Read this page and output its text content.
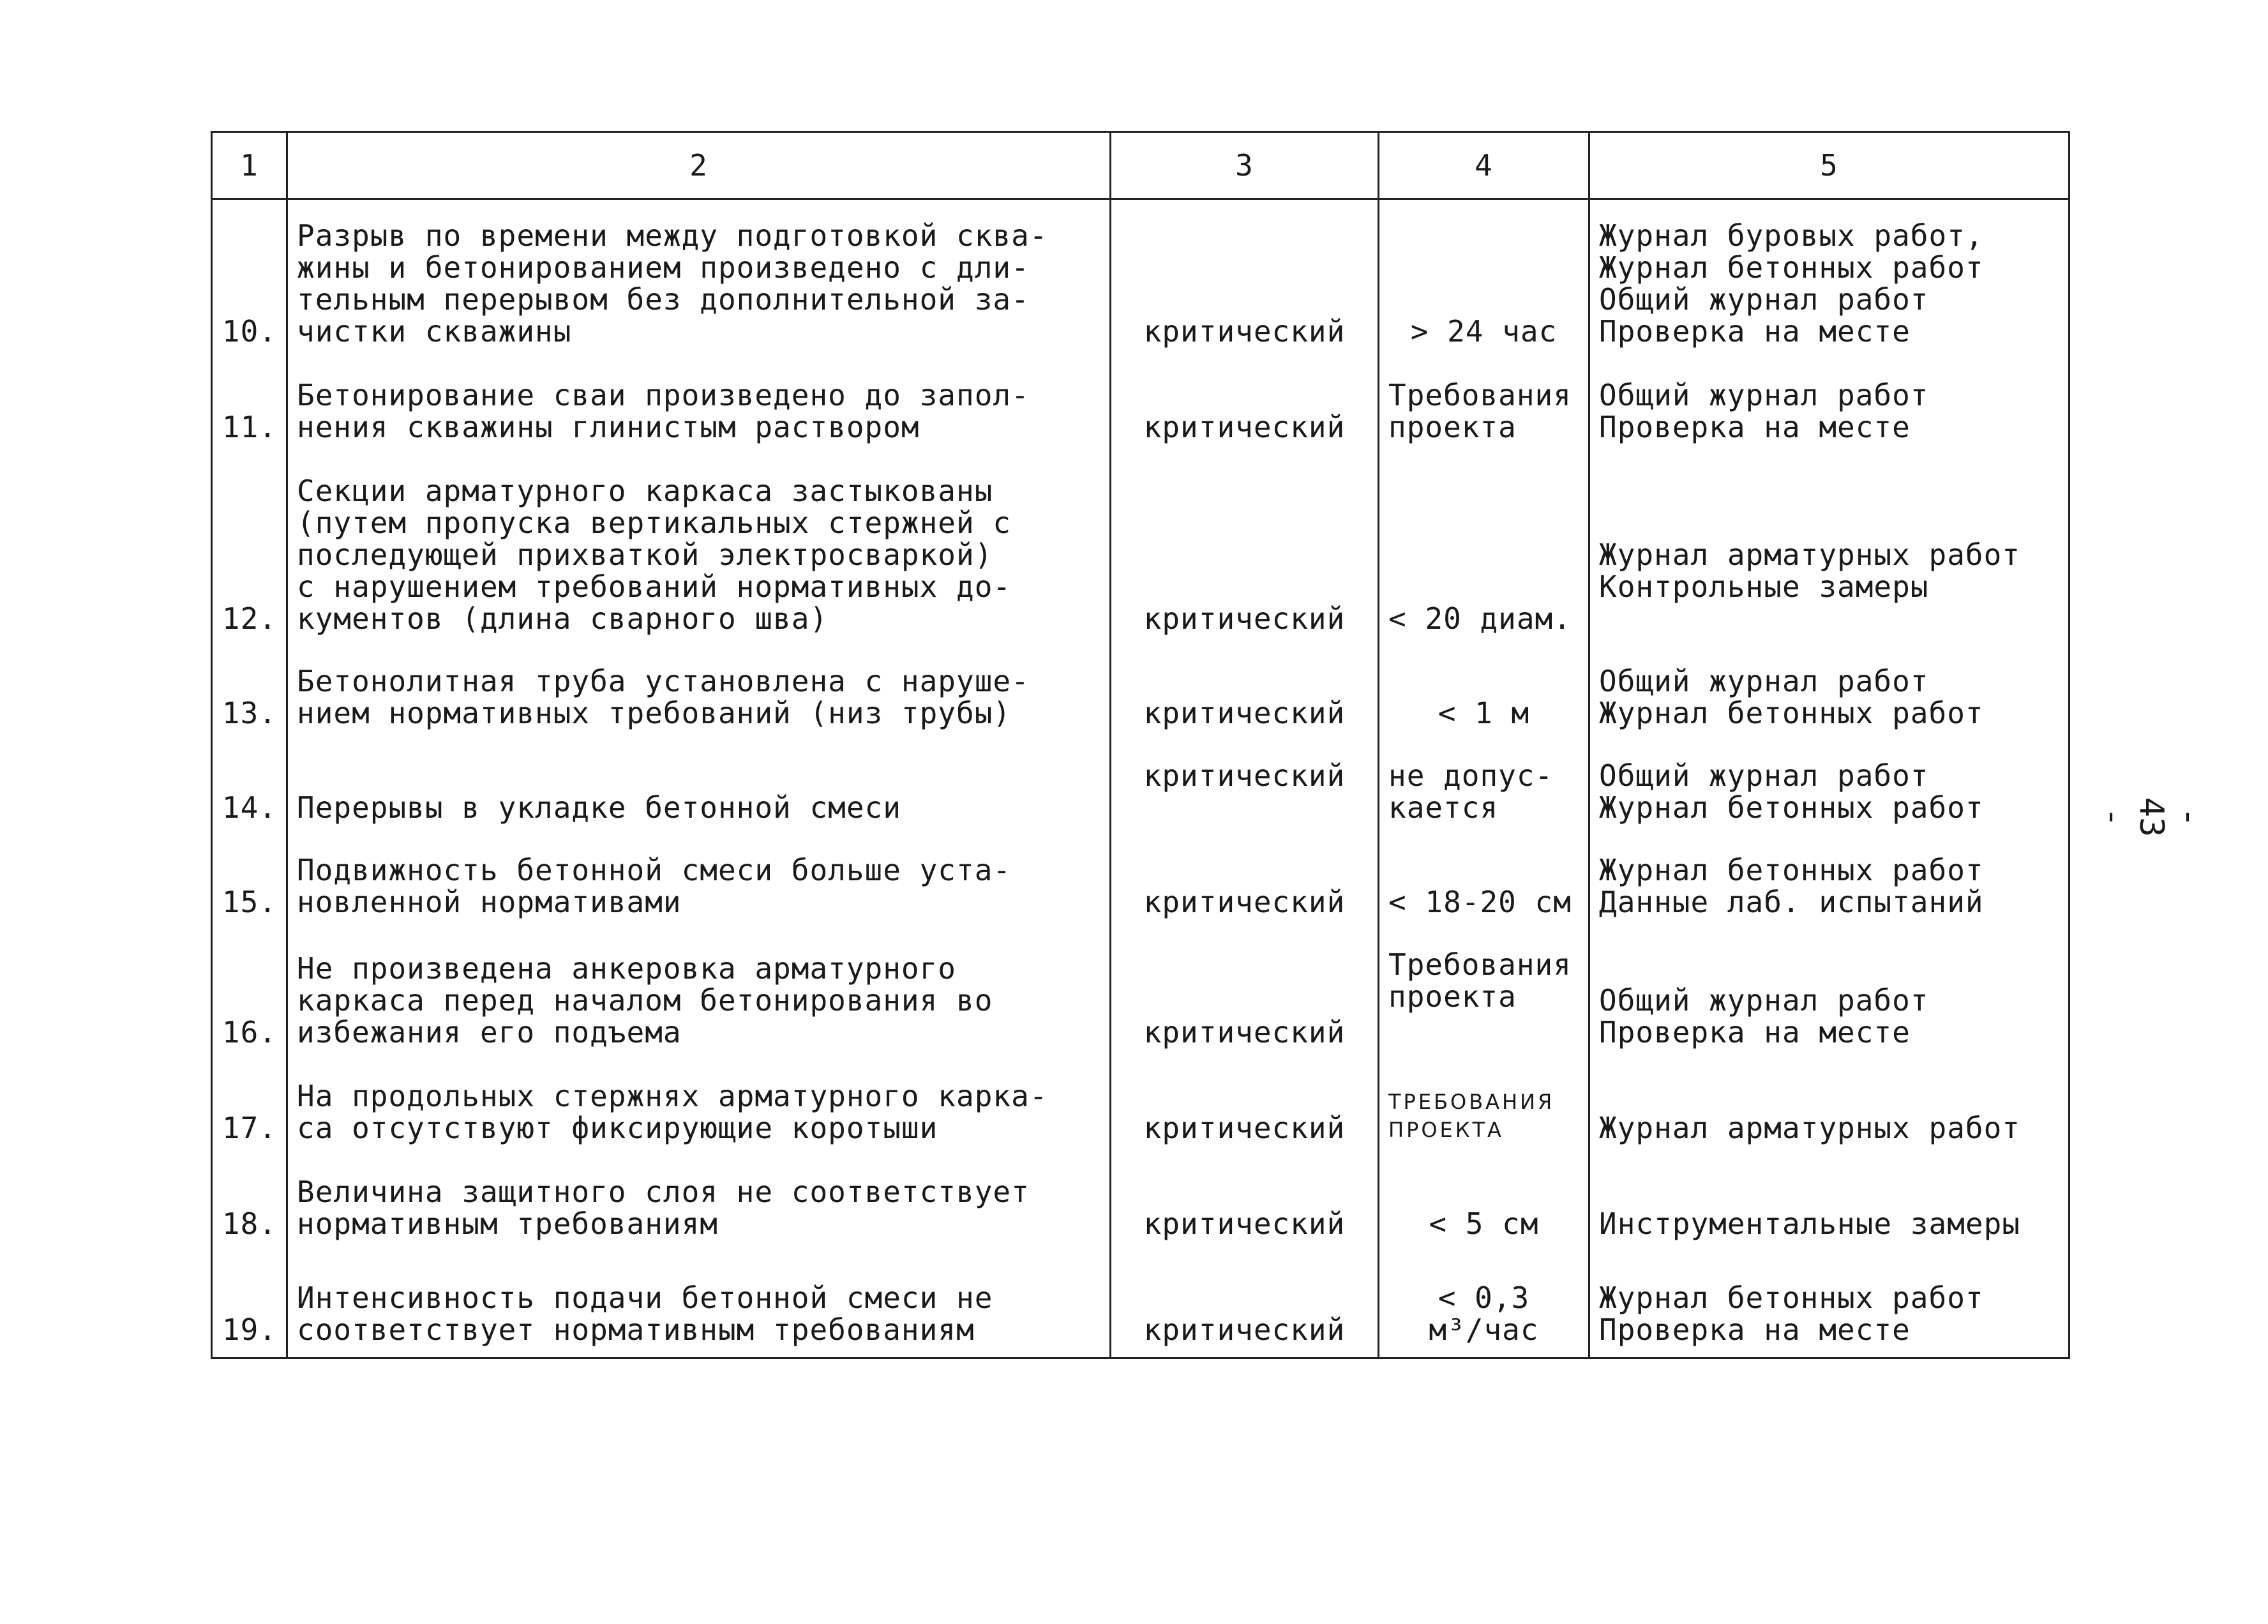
1	2	3	4	5
10.	Разрыв по времени между подготовкой сква-
жины и бетонированием произведено с дли-
тельным перерывом без дополнительной за-
чистки скважины	критический	> 24 час	Журнал буровых работ,
Журнал бетонных работ
Общий журнал работ
Проверка на месте
11.	Бетонирование сваи произведено до запол-
нения скважины глинистым раствором	критический	Требования
проекта	Общий журнал работ
Проверка на месте
12.	Секции арматурного каркаса застыкованы
(путем пропуска вертикальных стержней с
последующей прихваткой электросваркой)
с нарушением требований нормативных до-
кументов (длина сварного шва)	критический	< 20 диам.	Журнал арматурных работ
Контрольные замеры
13.	Бетонолитная труба установлена с наруше-
нием нормативных требований (низ трубы)	критический	< 1 м	Общий журнал работ
Журнал бетонных работ
14.	Перерывы в укладке бетонной смеси	критический	не допус-
кается	Общий журнал работ
Журнал бетонных работ
15.	Подвижность бетонной смеси больше уста-
новленной нормативами	критический	< 18-20 см	Журнал бетонных работ
Данные лаб. испытаний
16.	Не произведена анкеровка арматурного
каркаса перед началом бетонирования во
избежания его подъема	критический	Требования
проекта	Общий журнал работ
Проверка на месте
17.	На продольных стержнях арматурного карка-
са отсутствуют фиксирующие коротыши	критический	ТРЕБОВАНИЯ
ПРОЕКТА	Журнал арматурных работ
18.	Величина защитного слоя не соответствует
нормативным требованиям	критический	< 5 см	Инструментальные замеры
19.	Интенсивность подачи бетонной смеси не
соответствует нормативным требованиям	критический	< 0,3
м³/час	Журнал бетонных работ
Проверка на месте
- 43 -
